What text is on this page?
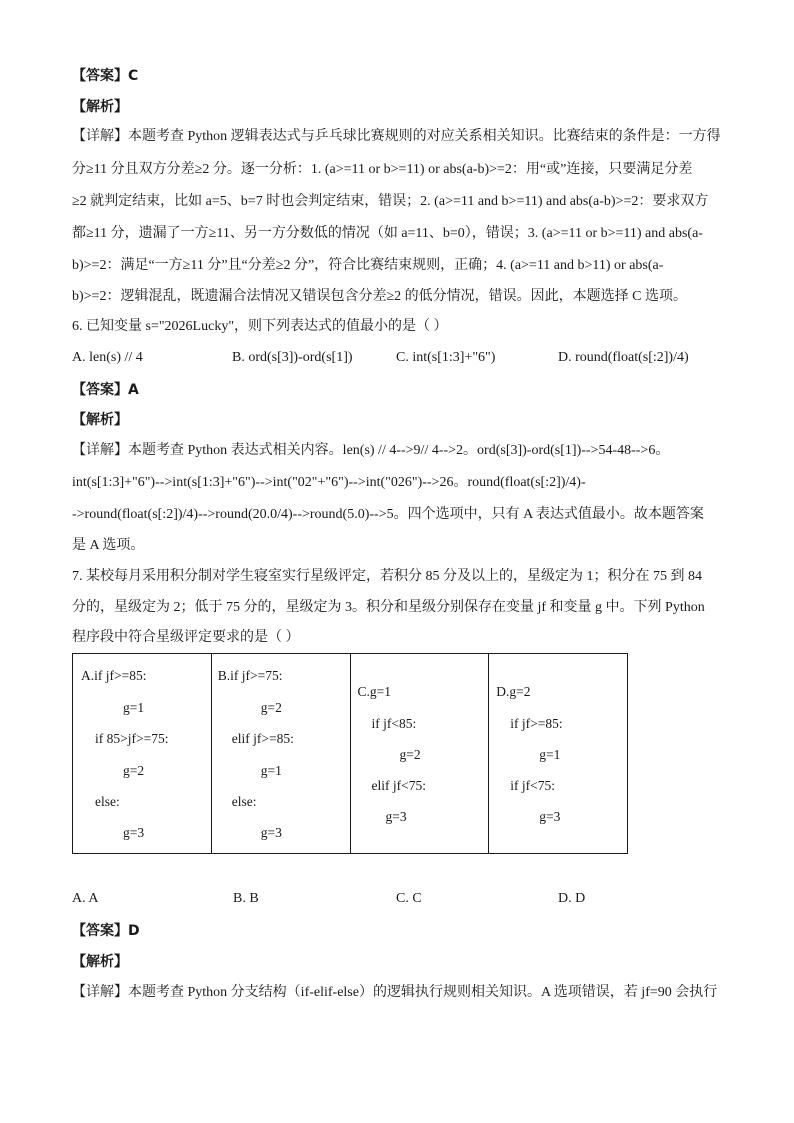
【答案】C
【解析】
【详解】本题考查 Python 逻辑表达式与乒乓球比赛规则的对应关系相关知识。比赛结束的条件是：一方得
分≥11 分且双方分差≥2 分。逐一分析：1. (a>=11 or b>=11) or abs(a-b)>=2：用“或”连接，只要满足分差
≥2 就判定结束，比如 a=5、b=7 时也会判定结束，错误；2. (a>=11 and b>=11) and abs(a-b)>=2：要求双方
都≥11 分，遗漏了一方≥11、另一方分数低的情况（如 a=11、b=0），错误；3. (a>=11 or b>=11) and abs(a-
b)>=2：满足“一方≥11 分”且“分差≥2 分”，符合比赛结束规则，正确；4. (a>=11 and b>11) or abs(a-
b)>=2：逻辑混乱，既遗漏合法情况又错误包含分差≥2 的低分情况，错误。因此，本题选择 C 选项。
6. 已知变量 s="2026Lucky"，则下列表达式的值最小的是（ ）
A. len(s) // 4	B. ord(s[3])-ord(s[1])	C. int(s[1:3]+"6")	D. round(float(s[:2])/4)
【答案】A
【解析】
【详解】本题考查 Python 表达式相关内容。len(s) // 4-->9// 4-->2。ord(s[3])-ord(s[1])-->54-48-->6。
int(s[1:3]+"6")-->int(s[1:3]+"6")-->int("02"+"6")-->int("026")-->26。round(float(s[:2])/4)-
->round(float(s[:2])/4)-->round(20.0/4)-->round(5.0)-->5。四个选项中，只有 A 表达式值最小。故本题答案
是 A 选项。
7. 某校每月采用积分制对学生寝室实行星级评定，若积分 85 分及以上的，星级定为 1；积分在 75 到 84
分的，星级定为 2；低于 75 分的，星级定为 3。积分和星级分别保存在变量 jf 和变量 g 中。下列 Python
程序段中符合星级评定要求的是（ ）
A.if jf>=85:
g=1
if 85>jf>=75:
g=2
else:
g=3

B.if jf>=75:
g=2
elif jf>=85:
g=1
else:
g=3

C.g=1
if jf<85:
g=2
elif jf<75:
g=3

D.g=2
if jf>=85:
g=1
if jf<75:
g=3
A. A	B. B	C. C	D. D
【答案】D
【解析】
【详解】本题考查 Python 分支结构（if-elif-else）的逻辑执行规则相关知识。A 选项错误，若 jf=90 会执行
